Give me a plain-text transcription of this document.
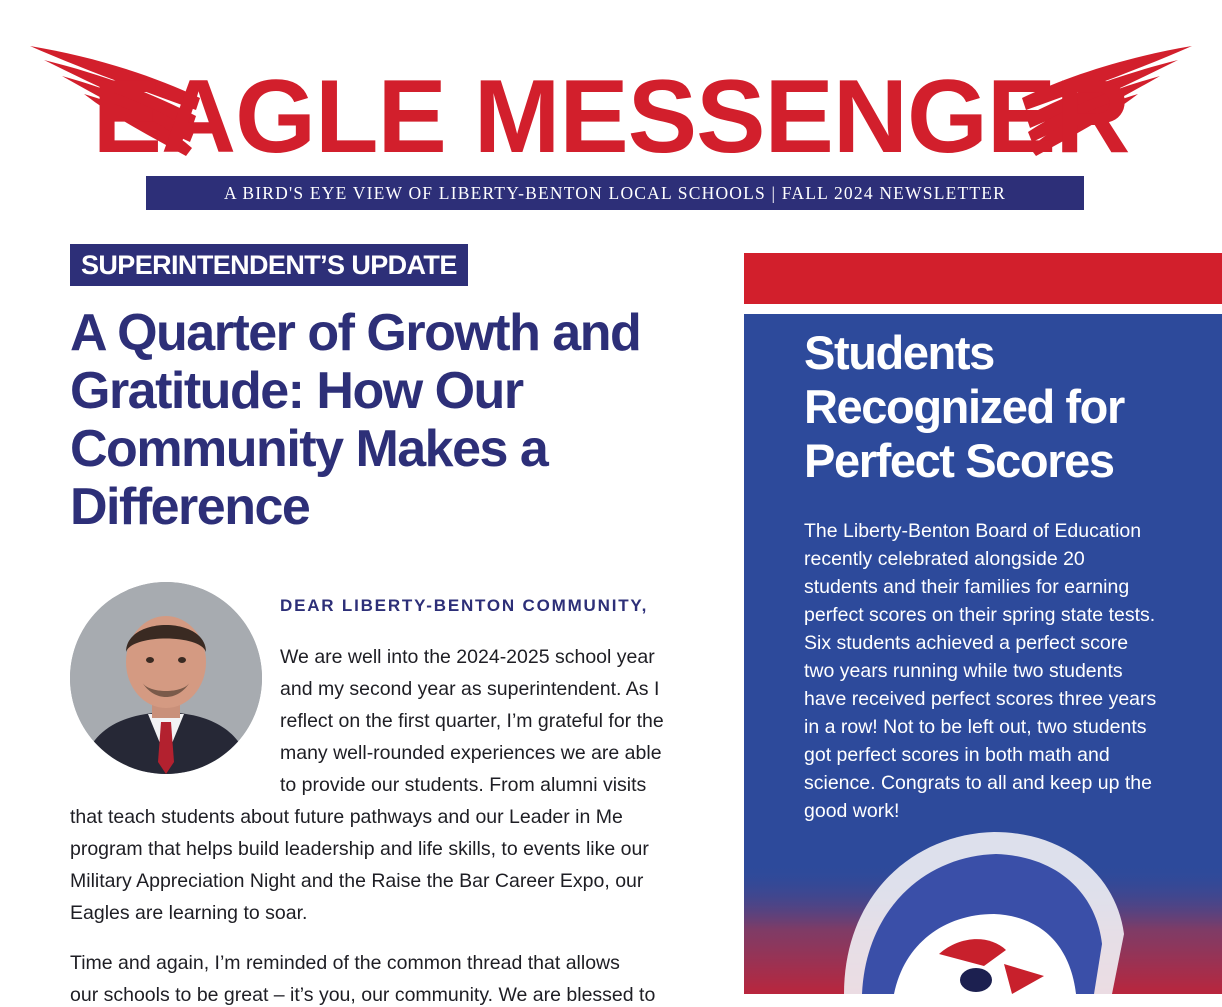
EAGLE MESSENGER
A BIRD'S EYE VIEW OF LIBERTY-BENTON LOCAL SCHOOLS | FALL 2024 NEWSLETTER
SUPERINTENDENT’S UPDATE
A Quarter of Growth and Gratitude: How Our Community Makes a Difference
DEAR LIBERTY-BENTON COMMUNITY,
We are well into the 2024-2025 school year
and my second year as superintendent. As I
reflect on the first quarter, I’m grateful for the
many well-rounded experiences we are able
to provide our students. From alumni visits
that teach students about future pathways and our Leader in Me
program that helps build leadership and life skills, to events like our
Military Appreciation Night and the Raise the Bar Career Expo, our
Eagles are learning to soar.
Time and again, I’m reminded of the common thread that allows
our schools to be great – it’s you, our community. We are blessed to
Students Recognized for Perfect Scores
The Liberty-Benton Board of Education
recently celebrated alongside 20
students and their families for earning
perfect scores on their spring state tests.
Six students achieved a perfect score
two years running while two students
have received perfect scores three years
in a row! Not to be left out, two students
got perfect scores in both math and
science. Congrats to all and keep up the
good work!
